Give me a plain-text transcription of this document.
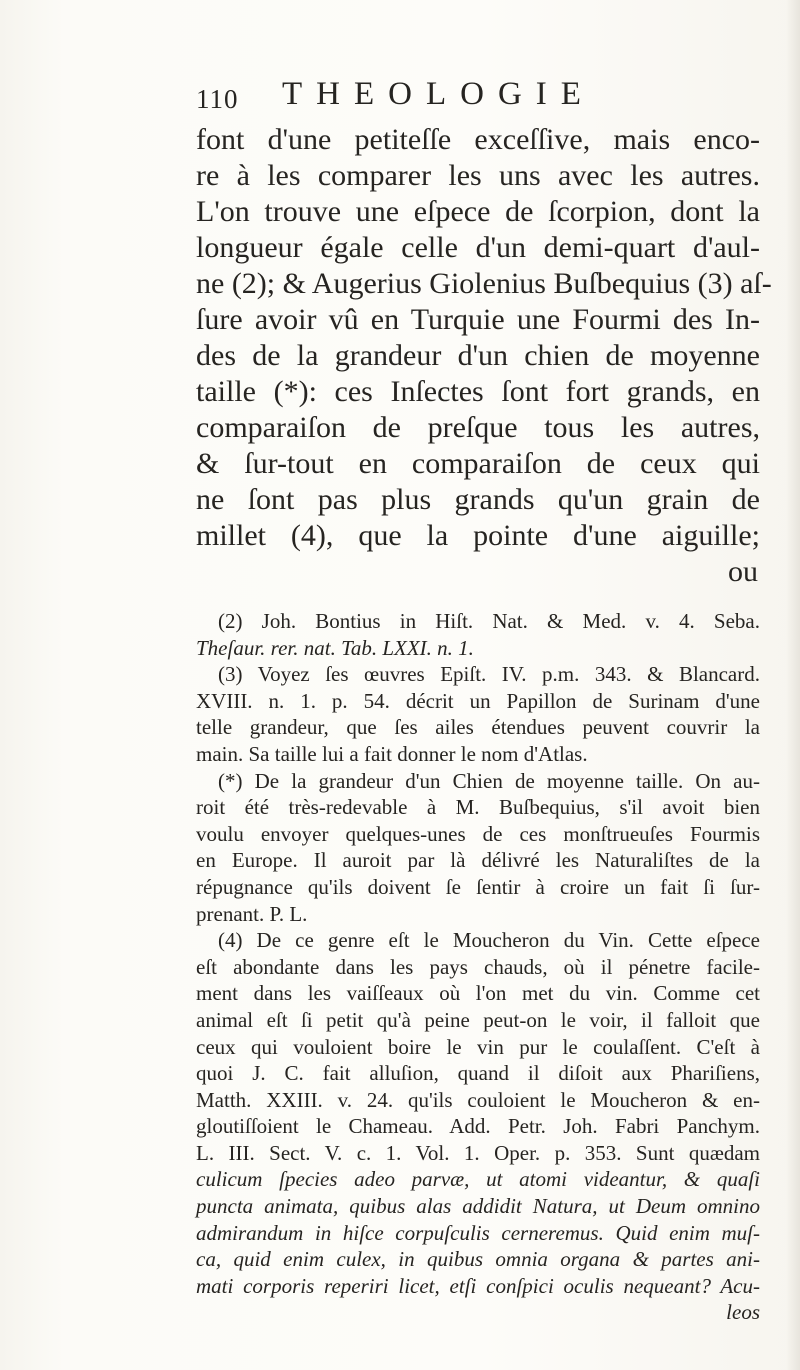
110 THEOLOGIE
font d'une petiteſſe exceſſive, mais enco-
re à les comparer les uns avec les autres.
L'on trouve une eſpece de ſcorpion, dont la
longueur égale celle d'un demi-quart d'aul-
ne (2); & Augerius Giolenius Buſbequius (3) aſ-
ſure avoir vû en Turquie une Fourmi des In-
des de la grandeur d'un chien de moyenne
taille (*): ces Inſectes ſont fort grands, en
comparaiſon de preſque tous les autres,
& ſur-tout en comparaiſon de ceux qui
ne ſont pas plus grands qu'un grain de
millet (4), que la pointe d'une aiguille;
ou
(2) Joh. Bontius in Hiſt. Nat. & Med. v. 4. Seba.
Theſaur. rer. nat. Tab. LXXI. n. 1.
(3) Voyez ſes œuvres Epiſt. IV. p.m. 343. & Blancard.
XVIII. n. 1. p. 54. décrit un Papillon de Surinam d'une
telle grandeur, que ſes ailes étendues peuvent couvrir la
main. Sa taille lui a fait donner le nom d'Atlas.
(*) De la grandeur d'un Chien de moyenne taille. On au-
roit été très-redevable à M. Buſbequius, s'il avoit bien
voulu envoyer quelques-unes de ces monſtrueuſes Fourmis
en Europe. Il auroit par là délivré les Naturaliſtes de la
répugnance qu'ils doivent ſe ſentir à croire un fait ſi ſur-
prenant. P. L.
(4) De ce genre eſt le Moucheron du Vin. Cette eſpece
eſt abondante dans les pays chauds, où il pénetre facile-
ment dans les vaiſſeaux où l'on met du vin. Comme cet
animal eſt ſi petit qu'à peine peut-on le voir, il falloit que
ceux qui vouloient boire le vin pur le coulaſſent. C'eſt à
quoi J. C. fait alluſion, quand il diſoit aux Phariſiens,
Matth. XXIII. v. 24. qu'ils couloient le Moucheron & en-
gloutiſſoient le Chameau. Add. Petr. Joh. Fabri Panchym.
L. III. Sect. V. c. 1. Vol. 1. Oper. p. 353. Sunt quædam
culicum ſpecies adeo parvæ, ut atomi videantur, & quaſi
puncta animata, quibus alas addidit Natura, ut Deum omnino
admirandum in hiſce corpuſculis cerneremus. Quid enim muſ-
ca, quid enim culex, in quibus omnia organa & partes ani-
mati corporis reperiri licet, etſi conſpici oculis nequeant? Acu-
leos
